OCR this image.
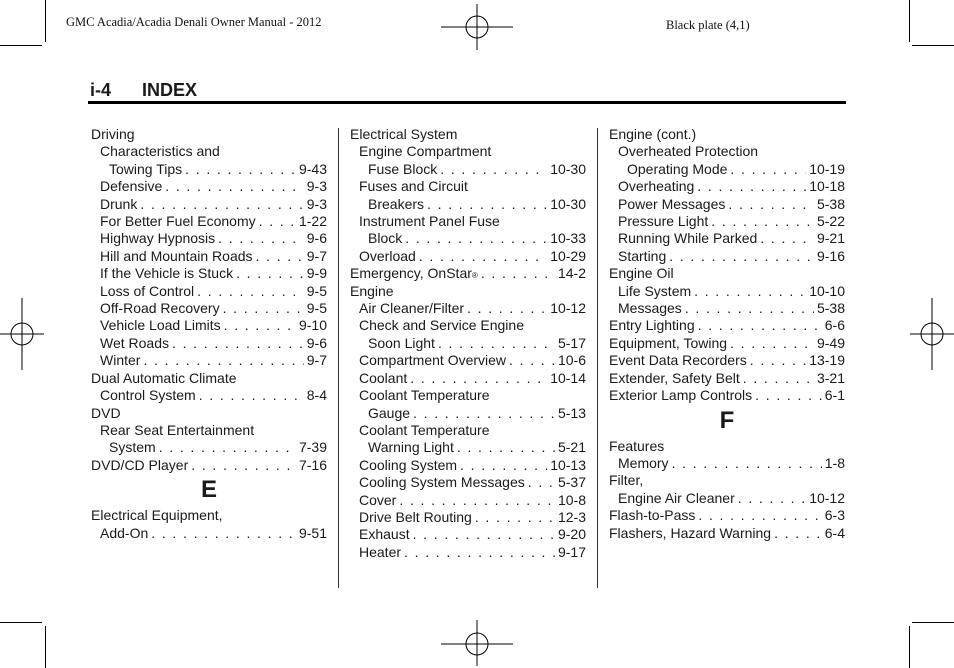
GMC Acadia/Acadia Denali Owner Manual - 2012	Black plate (4,1)
i-4 INDEX
Driving
Characteristics and
Towing Tips . . .	9-43
Defensive . . .	9-3
Drunk . . .	9-3
For Better Fuel Economy . . .	1-22
Highway Hypnosis . . .	9-6
Hill and Mountain Roads . . .	9-7
If the Vehicle is Stuck . . .	9-9
Loss of Control . . .	9-5
Off-Road Recovery . . .	9-5
Vehicle Load Limits . . .	9-10
Wet Roads . . .	9-6
Winter . . .	9-7
Dual Automatic Climate
Control System . . .	8-4
DVD
Rear Seat Entertainment
System . . .	7-39
DVD/CD Player . . .	7-16
E
Electrical Equipment,
Add-On . . .	9-51
Electrical System
Engine Compartment
Fuse Block . . .	10-30
Fuses and Circuit
Breakers . . .	10-30
Instrument Panel Fuse
Block . . .	10-33
Overload . . .	10-29
Emergency, OnStar ® . . .	14-2
Engine
Air Cleaner/Filter . . .	10-12
Check and Service Engine
Soon Light . . .	5-17
Compartment Overview . . .	10-6
Coolant . . .	10-14
Coolant Temperature
Gauge . . .	5-13
Coolant Temperature
Warning Light . . .	5-21
Cooling System . . .	10-13
Cooling System Messages . . . 5-37
Cover . . .	10-8
Drive Belt Routing . . .	12-3
Exhaust . . .	9-20
Heater . . .	9-17
Engine (cont.)
Overheated Protection
Operating Mode . . .	10-19
Overheating . . .	10-18
Power Messages . . .	5-38
Pressure Light . . .	5-22
Running While Parked . . .	9-21
Starting . . .	9-16
Engine Oil
Life System . . .	10-10
Messages . . .	5-38
Entry Lighting . . .	6-6
Equipment, Towing . . .	9-49
Event Data Recorders . . .	13-19
Extender, Safety Belt . . .	3-21
Exterior Lamp Controls . . .	6-1
F
Features
Memory . . .	1-8
Filter,
Engine Air Cleaner . . .	10-12
Flash-to-Pass . . .	6-3
Flashers, Hazard Warning . . .	6-4
